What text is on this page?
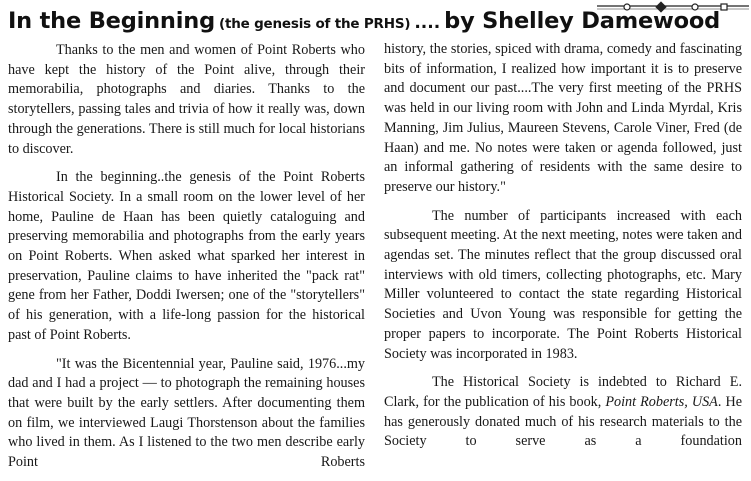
In the Beginning (the genesis of the PRHS) .... by Shelley Damewood

Thanks to the men and women of Point Roberts who have kept the history of the Point alive, through their memorabilia, photographs and diaries. Thanks to the storytellers, passing tales and trivia of how it really was, down through the generations. There is still much for local historians to discover.

In the beginning..the genesis of the Point Roberts Historical Society. In a small room on the lower level of her home, Pauline de Haan has been quietly cataloguing and preserving memorabilia and photographs from the early years on Point Roberts. When asked what sparked her interest in preservation, Pauline claims to have inherited the "pack rat" gene from her Father, Doddi Iwersen; one of the "storytellers" of his generation, with a life-long passion for the historical past of Point Roberts.

"It was the Bicentennial year, Pauline said, 1976...my dad and I had a project — to photograph the remaining houses that were built by the early settlers. After documenting them on film, we interviewed Laugi Thorstenson about the families who lived in them. As I listened to the two men describe early Point Roberts

history, the stories, spiced with drama, comedy and fascinating bits of information, I realized how important it is to preserve and document our past....The very first meeting of the PRHS was held in our living room with John and Linda Myrdal, Kris Manning, Jim Julius, Maureen Stevens, Carole Viner, Fred (de Haan) and me. No notes were taken or agenda followed, just an informal gathering of residents with the same desire to preserve our history."

The number of participants increased with each subsequent meeting. At the next meeting, notes were taken and agendas set. The minutes reflect that the group discussed oral interviews with old timers, collecting photographs, etc. Mary Miller volunteered to contact the state regarding Historical Societies and Uvon Young was responsible for getting the proper papers to incorporate. The Point Roberts Historical Society was incorporated in 1983.

The Historical Society is indebted to Richard E. Clark, for the publication of his book, Point Roberts, USA. He has generously donated much of his research materials to the Society to serve as a foundation
